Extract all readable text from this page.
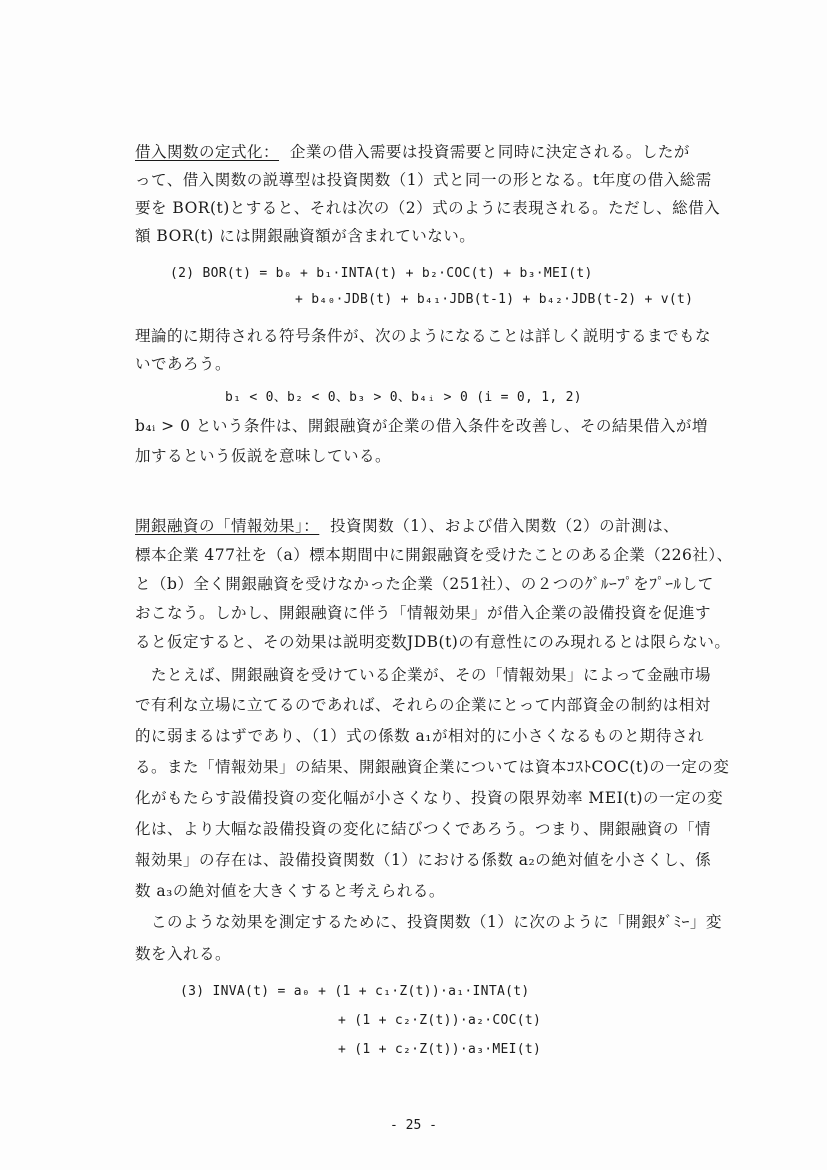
借入関数の定式化： 企業の借入需要は投資需要と同時に決定される。したが
って、借入関数の説導型は投資関数（1）式と同一の形となる。t年度の借入総需
要を BOR(t)とすると、それは次の（2）式のように表現される。ただし、総借入
額 BOR(t) には開銀融資額が含まれていない。
(2) BOR(t) = b₀ + b₁·INTA(t) + b₂·COC(t) + b₃·MEI(t)
+ b₄₀·JDB(t) + b₄₁·JDB(t-1) + b₄₂·JDB(t-2) + v(t)
理論的に期待される符号条件が、次のようになることは詳しく説明するまでもな
いであろう。
b₁ < 0、b₂ < 0、b₃ > 0、b₄ᵢ > 0 (i = 0, 1, 2)
b₄ᵢ > 0 という条件は、開銀融資が企業の借入条件を改善し、その結果借入が増
加するという仮説を意味している。
開銀融資の「情報効果」： 投資関数（1）、および借入関数（2）の計測は、
標本企業 477社を（a）標本期間中に開銀融資を受けたことのある企業（226社）、
と（b）全く開銀融資を受けなかった企業（251社）、の２つのｸﾞﾙｰﾌﾟをﾌﾟｰﾙして
おこなう。しかし、開銀融資に伴う「情報効果」が借入企業の設備投資を促進す
ると仮定すると、その効果は説明変数JDB(t)の有意性にのみ現れるとは限らない。
　たとえば、開銀融資を受けている企業が、その「情報効果」によって金融市場
で有利な立場に立てるのであれば、それらの企業にとって内部資金の制約は相対
的に弱まるはずであり、（1）式の係数 a₁が相対的に小さくなるものと期待され
る。また「情報効果」の結果、開銀融資企業については資本ｺｽﾄCOC(t)の一定の変
化がもたらす設備投資の変化幅が小さくなり、投資の限界効率 MEI(t)の一定の変
化は、より大幅な設備投資の変化に結びつくであろう。つまり、開銀融資の「情
報効果」の存在は、設備投資関数（1）における係数 a₂の絶対値を小さくし、係
数 a₃の絶対値を大きくすると考えられる。
　このような効果を測定するために、投資関数（1）に次のように「開銀ﾀﾞﾐｰ」変
数を入れる。
(3) INVA(t) = a₀ + (1 + c₁·Z(t))·a₁·INTA(t)
+ (1 + c₂·Z(t))·a₂·COC(t)
+ (1 + c₂·Z(t))·a₃·MEI(t)
- 25 -
